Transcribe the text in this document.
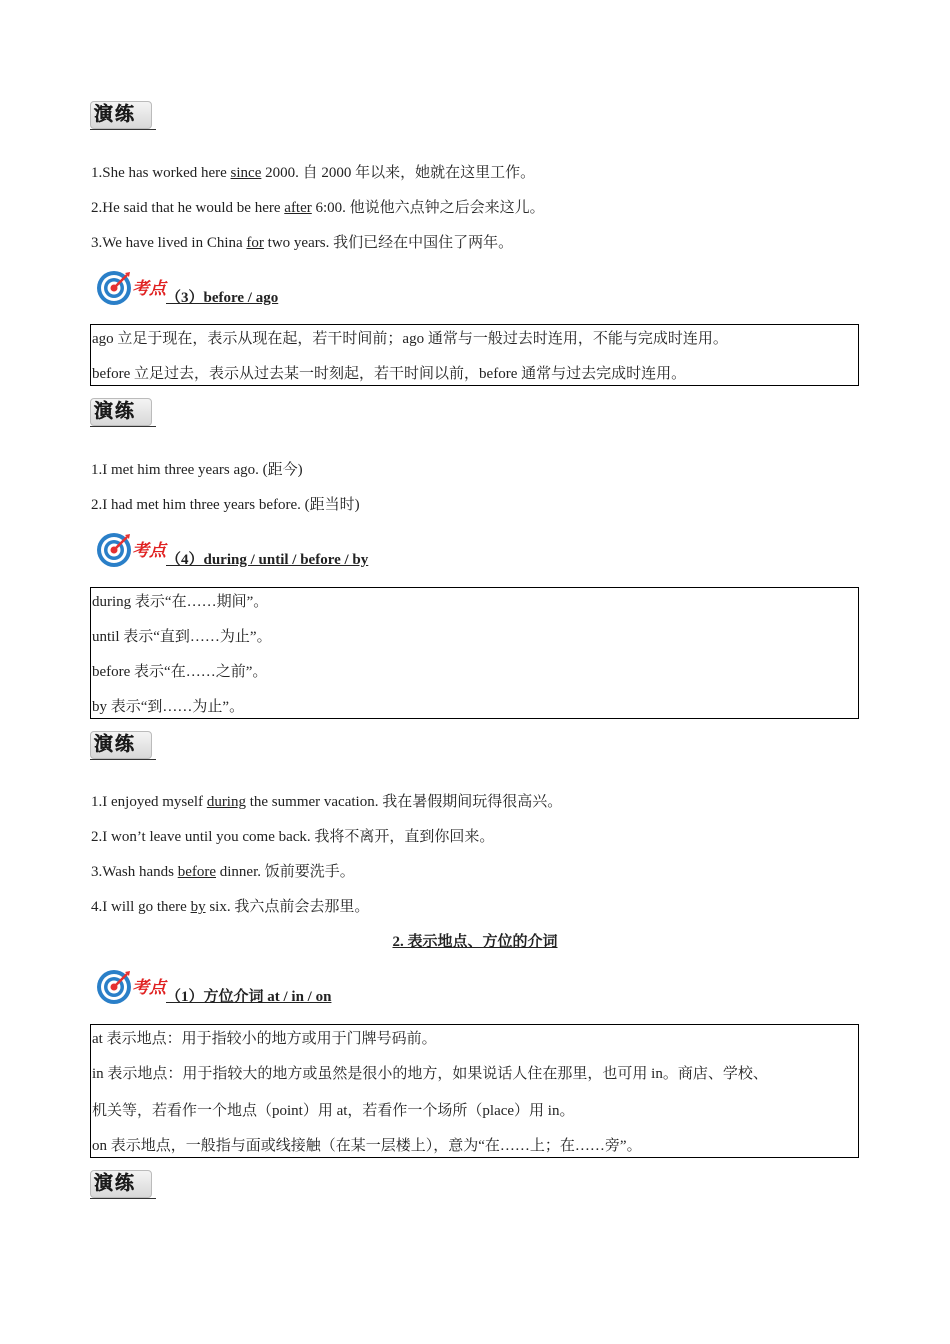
演练
1.She has worked here since 2000. 自 2000 年以来，她就在这里工作。
2.He said that he would be here after 6:00. 他说他六点钟之后会来这儿。
3.We have lived in China for two years. 我们已经在中国住了两年。
考点 （3）before / ago
ago 立足于现在，表示从现在起，若干时间前；ago 通常与一般过去时连用，不能与完成时连用。
before 立足过去，表示从过去某一时刻起，若干时间以前，before 通常与过去完成时连用。
演练
1.I met him three years ago. (距今)
2.I had met him three years before. (距当时)
考点 （4）during / until / before / by
during 表示“在……期间”。
until 表示“直到……为止”。
before 表示“在……之前”。
by 表示“到……为止”。
演练
1.I enjoyed myself during the summer vacation. 我在暑假期间玩得很高兴。
2.I won’t leave until you come back. 我将不离开，直到你回来。
3.Wash hands before dinner. 饭前要洗手。
4.I will go there by six. 我六点前会去那里。
2. 表示地点、方位的介词
考点 （1）方位介词 at / in / on
at 表示地点：用于指较小的地方或用于门牌号码前。
in 表示地点：用于指较大的地方或虽然是很小的地方，如果说话人住在那里，也可用 in。商店、学校、
机关等，若看作一个地点（point）用 at，若看作一个场所（place）用 in。
on 表示地点，一般指与面或线接触（在某一层楼上），意为“在……上；在……旁”。
演练
